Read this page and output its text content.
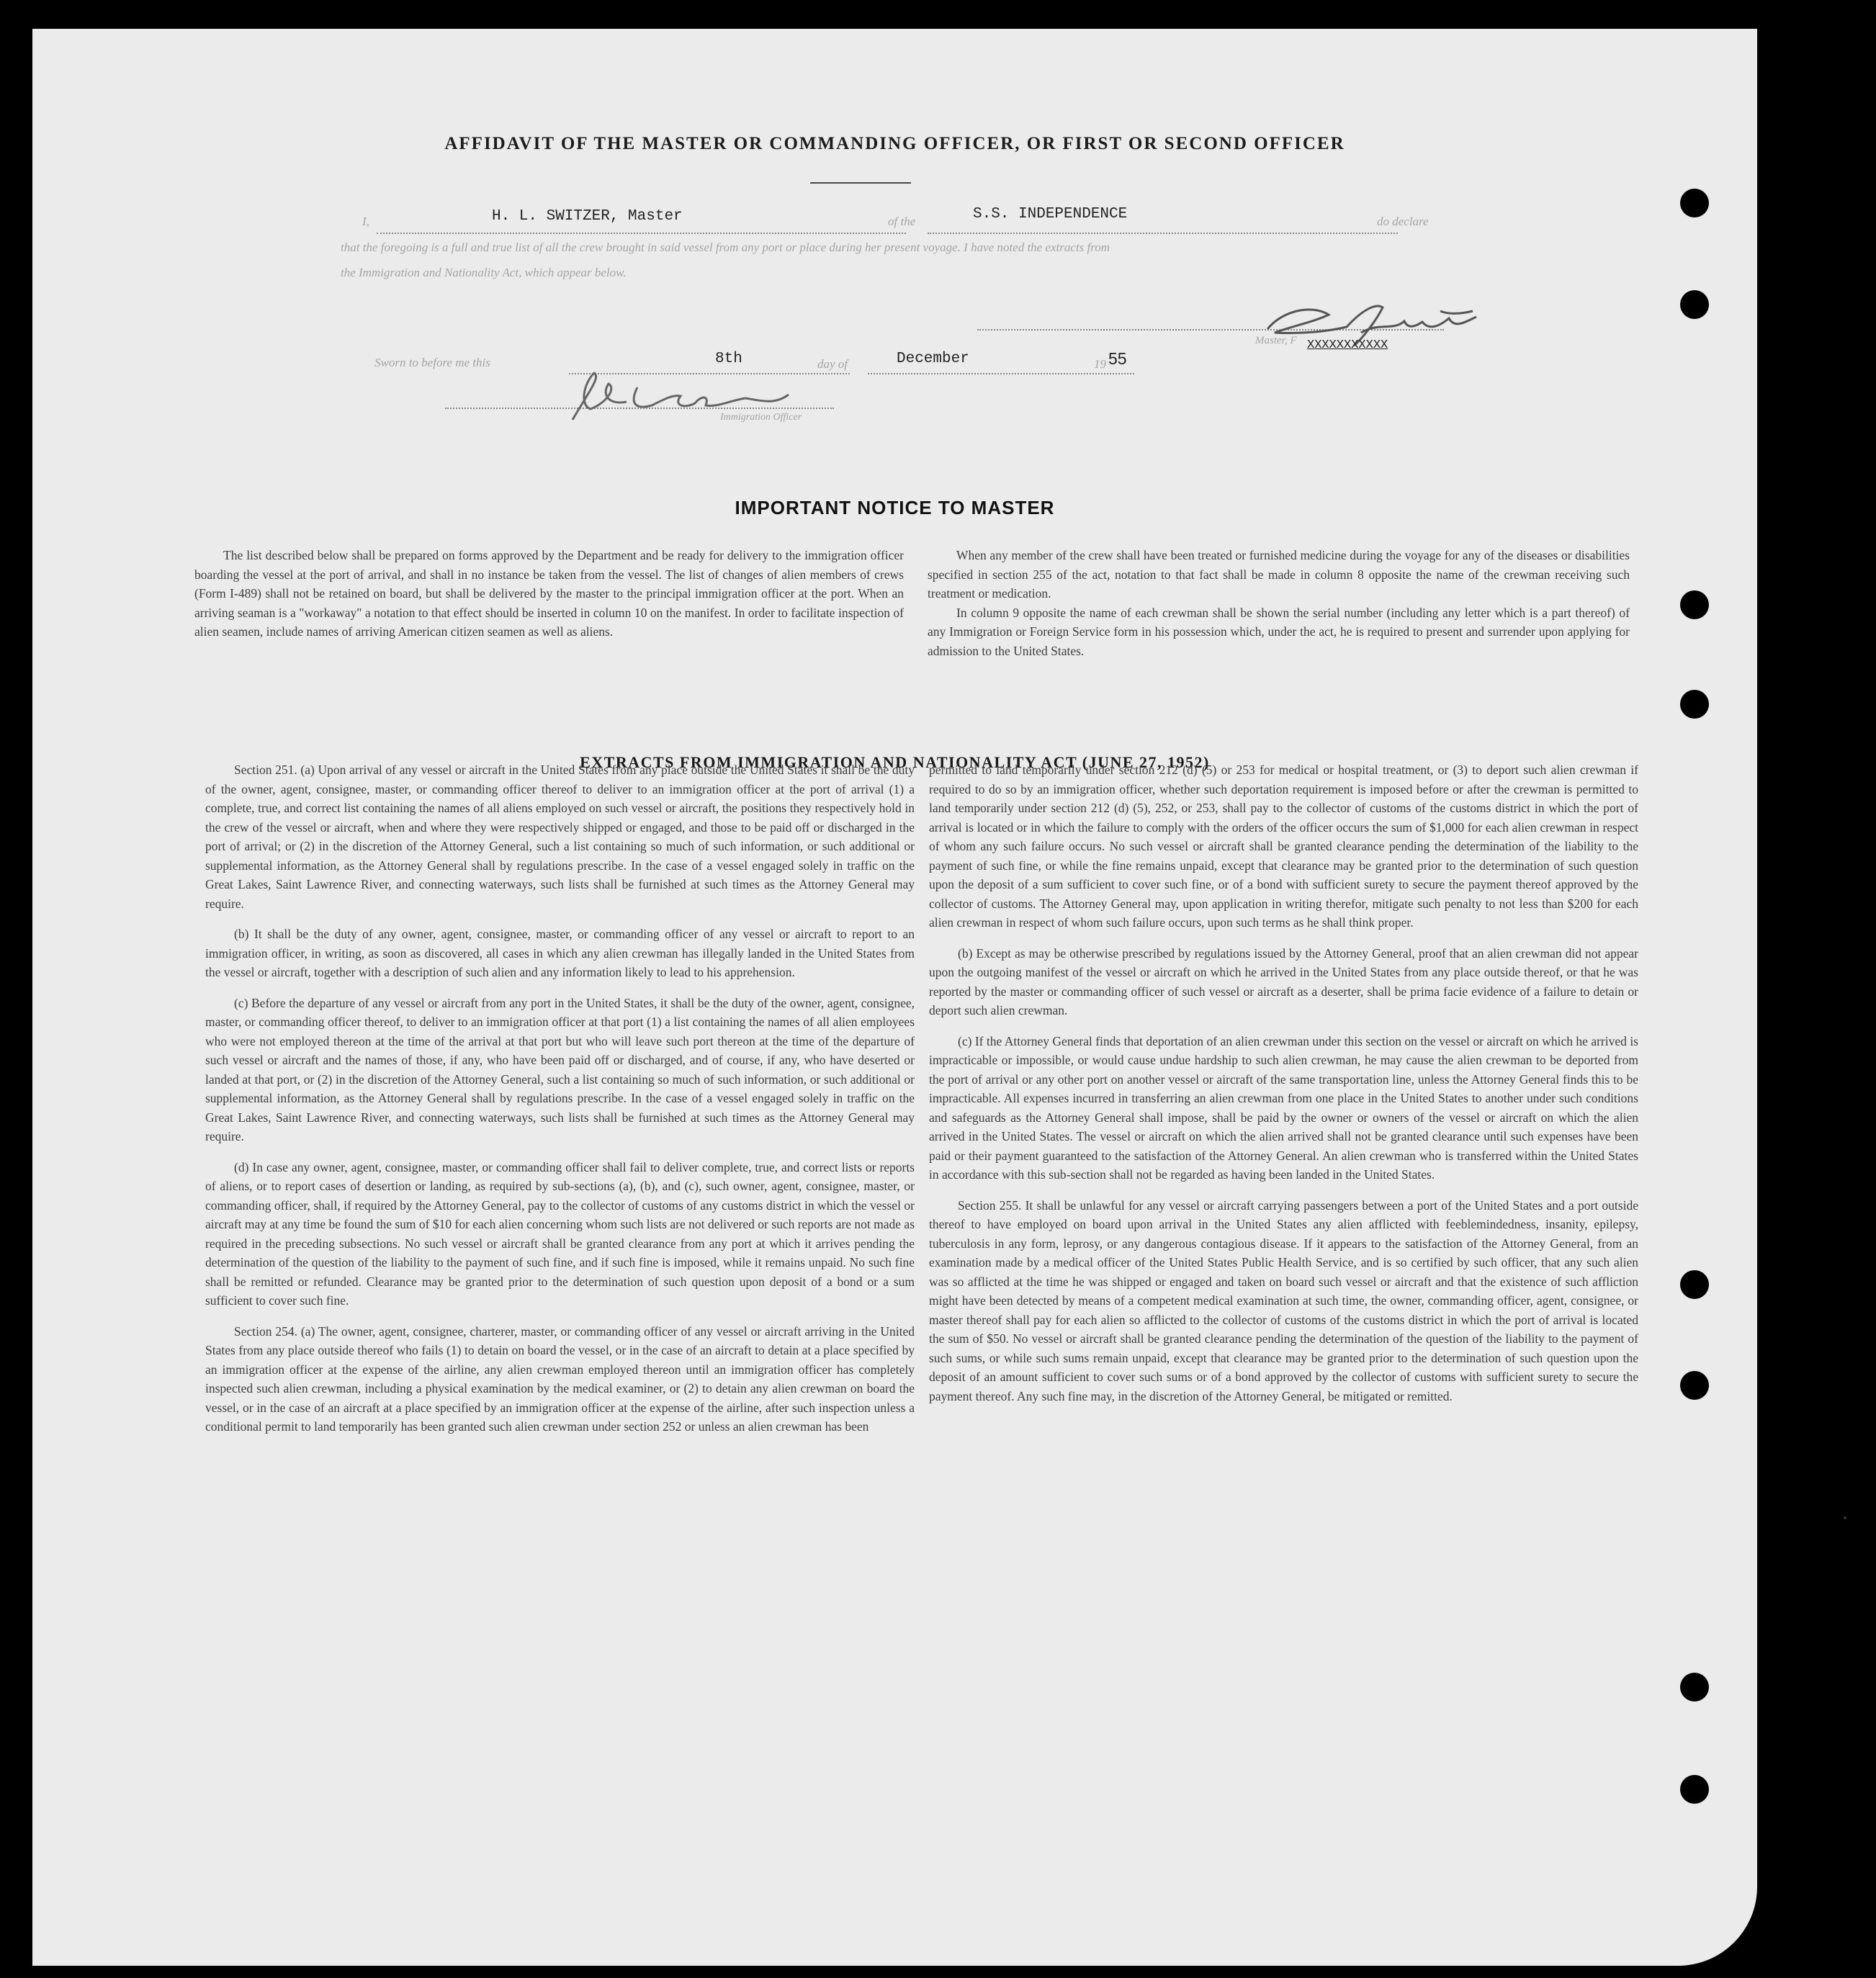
AFFIDAVIT OF THE MASTER OR COMMANDING OFFICER, OR FIRST OR SECOND OFFICER
I,	H. L. SWITZER, Master	of the	S.S. INDEPENDENCE	do declare
that the foregoing is a full and true list of all the crew brought in said vessel from any port or place during her present voyage. I have noted the extracts from
the Immigration and Nationality Act, which appear below.
Master, F XXXXXXXXXXX
Sworn to before me this	8th	day of	December	19 55
Immigration Officer
IMPORTANT NOTICE TO MASTER

The list described below shall be prepared on forms approved by the Department and be ready for delivery to the immigration officer boarding the vessel at the port of arrival, and shall in no instance be taken from the vessel. The list of changes of alien members of crews (Form I-489) shall not be retained on board, but shall be delivered by the master to the principal immigration officer at the port. When an arriving seaman is a "workaway" a notation to that effect should be inserted in column 10 on the manifest. In order to facilitate inspection of alien seamen, include names of arriving American citizen seamen as well as aliens.

When any member of the crew shall have been treated or furnished medicine during the voyage for any of the diseases or disabilities specified in section 255 of the act, notation to that fact shall be made in column 8 opposite the name of the crewman receiving such treatment or medication.

In column 9 opposite the name of each crewman shall be shown the serial number (including any letter which is a part thereof) of any Immigration or Foreign Service form in his possession which, under the act, he is required to present and surrender upon applying for admission to the United States.

EXTRACTS FROM IMMIGRATION AND NATIONALITY ACT (JUNE 27, 1952)

Section 251. (a) Upon arrival of any vessel or aircraft in the United States from any place outside the United States it shall be the duty of the owner, agent, consignee, master, or commanding officer thereof to deliver to an immigration officer at the port of arrival (1) a complete, true, and correct list containing the names of all aliens employed on such vessel or aircraft, the positions they respectively hold in the crew of the vessel or aircraft, when and where they were respectively shipped or engaged, and those to be paid off or discharged in the port of arrival; or (2) in the discretion of the Attorney General, such a list containing so much of such information, or such additional or supplemental information, as the Attorney General shall by regulations prescribe. In the case of a vessel engaged solely in traffic on the Great Lakes, Saint Lawrence River, and connecting waterways, such lists shall be furnished at such times as the Attorney General may require.

(b) It shall be the duty of any owner, agent, consignee, master, or commanding officer of any vessel or aircraft to report to an immigration officer, in writing, as soon as discovered, all cases in which any alien crewman has illegally landed in the United States from the vessel or aircraft, together with a description of such alien and any information likely to lead to his apprehension.

(c) Before the departure of any vessel or aircraft from any port in the United States, it shall be the duty of the owner, agent, consignee, master, or commanding officer thereof, to deliver to an immigration officer at that port (1) a list containing the names of all alien employees who were not employed thereon at the time of the arrival at that port but who will leave such port thereon at the time of the departure of such vessel or aircraft and the names of those, if any, who have been paid off or discharged, and of course, if any, who have deserted or landed at that port, or (2) in the discretion of the Attorney General, such a list containing so much of such information, or such additional or supplemental information, as the Attorney General shall by regulations prescribe. In the case of a vessel engaged solely in traffic on the Great Lakes, Saint Lawrence River, and connecting waterways, such lists shall be furnished at such times as the Attorney General may require.

(d) In case any owner, agent, consignee, master, or commanding officer shall fail to deliver complete, true, and correct lists or reports of aliens, or to report cases of desertion or landing, as required by sub-sections (a), (b), and (c), such owner, agent, consignee, master, or commanding officer, shall, if required by the Attorney General, pay to the collector of customs of any customs district in which the vessel or aircraft may at any time be found the sum of $10 for each alien concerning whom such lists are not delivered or such reports are not made as required in the preceding subsections. No such vessel or aircraft shall be granted clearance from any port at which it arrives pending the determination of the question of the liability to the payment of such fine, and if such fine is imposed, while it remains unpaid. No such fine shall be remitted or refunded. Clearance may be granted prior to the determination of such question upon deposit of a bond or a sum sufficient to cover such fine.

Section 254. (a) The owner, agent, consignee, charterer, master, or commanding officer of any vessel or aircraft arriving in the United States from any place outside thereof who fails (1) to detain on board the vessel, or in the case of an aircraft to detain at a place specified by an immigration officer at the expense of the airline, any alien crewman employed thereon until an immigration officer has completely inspected such alien crewman, including a physical examination by the medical examiner, or (2) to detain any alien crewman on board the vessel, or in the case of an aircraft at a place specified by an immigration officer at the expense of the airline, after such inspection unless a conditional permit to land temporarily has been granted such alien crewman under section 252 or unless an alien crewman has been

permitted to land temporarily under section 212 (d) (5) or 253 for medical or hospital treatment, or (3) to deport such alien crewman if required to do so by an immigration officer, whether such deportation requirement is imposed before or after the crewman is permitted to land temporarily under section 212 (d) (5), 252, or 253, shall pay to the collector of customs of the customs district in which the port of arrival is located or in which the failure to comply with the orders of the officer occurs the sum of $1,000 for each alien crewman in respect of whom any such failure occurs. No such vessel or aircraft shall be granted clearance pending the determination of the liability to the payment of such fine, or while the fine remains unpaid, except that clearance may be granted prior to the determination of such question upon the deposit of a sum sufficient to cover such fine, or of a bond with sufficient surety to secure the payment thereof approved by the collector of customs. The Attorney General may, upon application in writing therefor, mitigate such penalty to not less than $200 for each alien crewman in respect of whom such failure occurs, upon such terms as he shall think proper.

(b) Except as may be otherwise prescribed by regulations issued by the Attorney General, proof that an alien crewman did not appear upon the outgoing manifest of the vessel or aircraft on which he arrived in the United States from any place outside thereof, or that he was reported by the master or commanding officer of such vessel or aircraft as a deserter, shall be prima facie evidence of a failure to detain or deport such alien crewman.

(c) If the Attorney General finds that deportation of an alien crewman under this section on the vessel or aircraft on which he arrived is impracticable or impossible, or would cause undue hardship to such alien crewman, he may cause the alien crewman to be deported from the port of arrival or any other port on another vessel or aircraft of the same transportation line, unless the Attorney General finds this to be impracticable. All expenses incurred in transferring an alien crewman from one place in the United States to another under such conditions and safeguards as the Attorney General shall impose, shall be paid by the owner or owners of the vessel or aircraft on which the alien arrived in the United States. The vessel or aircraft on which the alien arrived shall not be granted clearance until such expenses have been paid or their payment guaranteed to the satisfaction of the Attorney General. An alien crewman who is transferred within the United States in accordance with this sub-section shall not be regarded as having been landed in the United States.

Section 255. It shall be unlawful for any vessel or aircraft carrying passengers between a port of the United States and a port outside thereof to have employed on board upon arrival in the United States any alien afflicted with feeblemindedness, insanity, epilepsy, tuberculosis in any form, leprosy, or any dangerous contagious disease. If it appears to the satisfaction of the Attorney General, from an examination made by a medical officer of the United States Public Health Service, and is so certified by such officer, that any such alien was so afflicted at the time he was shipped or engaged and taken on board such vessel or aircraft and that the existence of such affliction might have been detected by means of a competent medical examination at such time, the owner, commanding officer, agent, consignee, or master thereof shall pay for each alien so afflicted to the collector of customs of the customs district in which the port of arrival is located the sum of $50. No vessel or aircraft shall be granted clearance pending the determination of the question of the liability to the payment of such sums, or while such sums remain unpaid, except that clearance may be granted prior to the determination of such question upon the deposit of an amount sufficient to cover such sums or of a bond approved by the collector of customs with sufficient surety to secure the payment thereof. Any such fine may, in the discretion of the Attorney General, be mitigated or remitted.
